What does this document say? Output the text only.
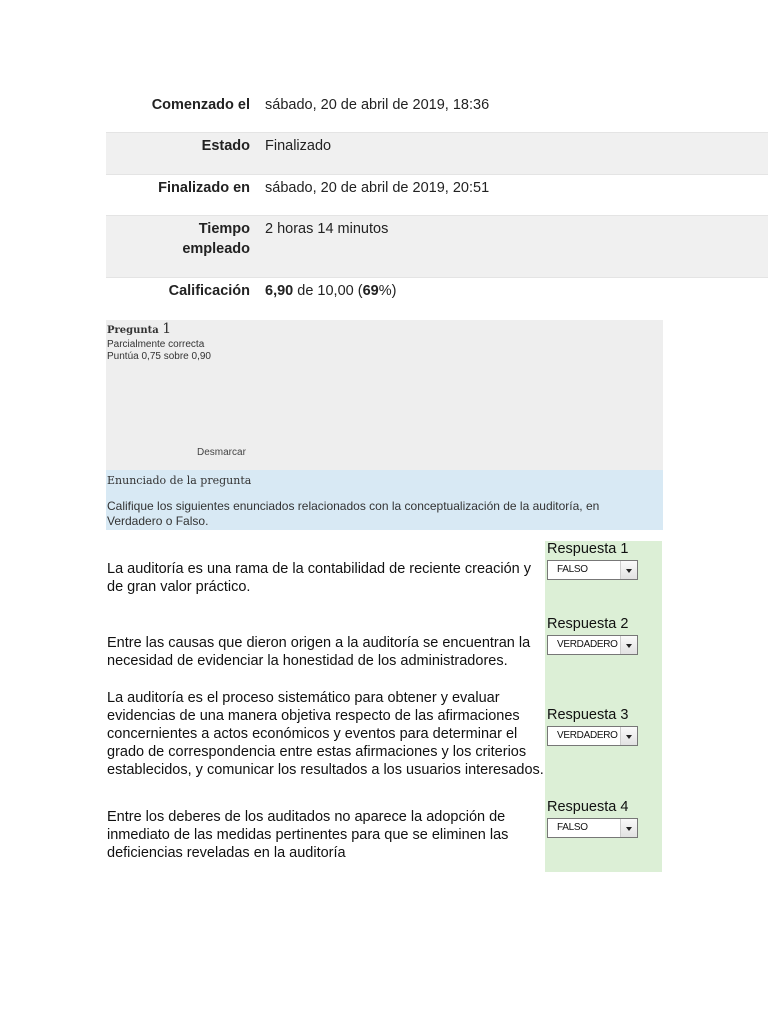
Comenzado el sábado, 20 de abril de 2019, 18:36
Estado Finalizado
Finalizado en sábado, 20 de abril de 2019, 20:51
Tiempo
empleado
2 horas 14 minutos
Calificación 6,90 de 10,00 (69%)
Pregunta 1
Parcialmente correcta
Puntúa 0,75 sobre 0,90
Desmarcar
Enunciado de la pregunta
Califique los siguientes enunciados relacionados con la conceptualización de la auditoría, en Verdadero o Falso.
La auditoría es una rama de la contabilidad de reciente creación y de gran valor práctico.
Respuesta 1
FALSO
Entre las causas que dieron origen a la auditoría se encuentran la necesidad de evidenciar la honestidad de los administradores.
Respuesta 2
VERDADERO
La auditoría es el proceso sistemático para obtener y evaluar evidencias de una manera objetiva respecto de las afirmaciones concernientes a actos económicos y eventos para determinar el grado de correspondencia entre estas afirmaciones y los criterios establecidos, y comunicar los resultados a los usuarios interesados.
Respuesta 3
VERDADERO
Entre los deberes de los auditados no aparece la adopción de inmediato de las medidas pertinentes para que se eliminen las deficiencias reveladas en la auditoría
Respuesta 4
FALSO
